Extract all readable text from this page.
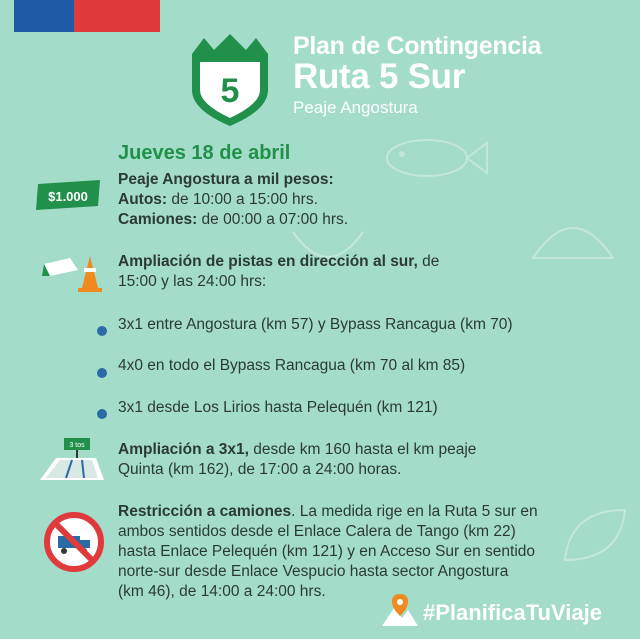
5
Plan de Contingencia
Ruta 5 Sur
Peaje Angostura
Jueves 18 de abril
$1.000
Peaje Angostura a mil pesos:
Autos: de 10:00 a 15:00 hrs.
Camiones: de 00:00 a 07:00 hrs.
Ampliación de pistas en dirección al sur, de
15:00 y las 24:00 hrs:
3x1 entre Angostura (km 57) y Bypass Rancagua (km 70)
4x0 en todo el Bypass Rancagua (km 70 al km 85)
3x1 desde Los Lirios hasta Pelequén (km 121)
3 tos Ampliación a 3x1, desde km 160 hasta el km peaje
Quinta (km 162), de 17:00 a 24:00 horas.
Restricción a camiones. La medida rige en la Ruta 5 sur en
ambos sentidos desde el Enlace Calera de Tango (km 22)
hasta Enlace Pelequén (km 121) y en Acceso Sur en sentido
norte-sur desde Enlace Vespucio hasta sector Angostura
(km 46), de 14:00 a 24:00 hrs.
#PlanificaTuViaje
